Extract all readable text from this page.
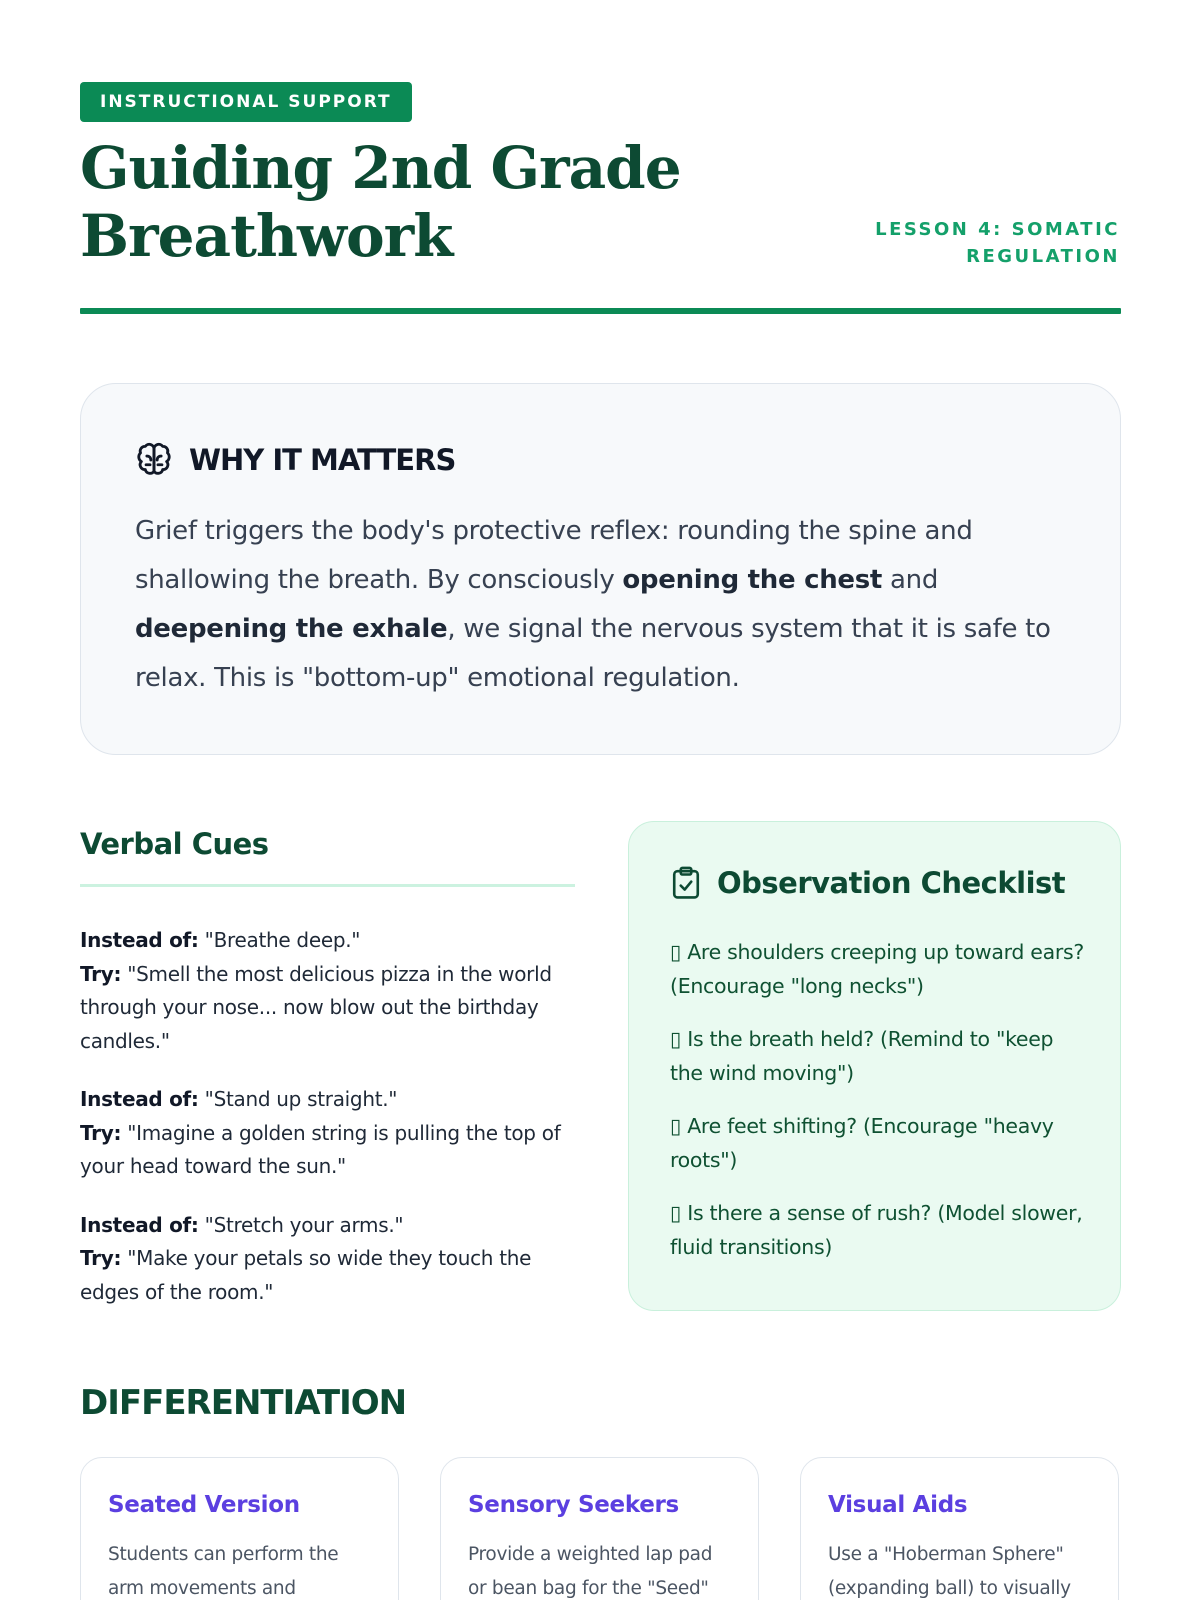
INSTRUCTIONAL SUPPORT
Guiding 2nd Grade Breathwork	LESSON 4: SOMATIC REGULATION
WHY IT MATTERS

Grief triggers the body's protective reflex: rounding the spine and shallowing the breath. By consciously opening the chest and deepening the exhale, we signal the nervous system that it is safe to relax. This is "bottom-up" emotional regulation.

Verbal Cues

Instead of: "Breathe deep."
Try: "Smell the most delicious pizza in the world through your nose... now blow out the birthday candles."

Instead of: "Stand up straight."
Try: "Imagine a golden string is pulling the top of your head toward the sun."

Instead of: "Stretch your arms."
Try: "Make your petals so wide they touch the edges of the room."

Observation Checklist
▯ Are shoulders creeping up toward ears? (Encourage "long necks")
▯ Is the breath held? (Remind to "keep the wind moving")
▯ Are feet shifting? (Encourage "heavy roots")
▯ Is there a sense of rush? (Model slower, fluid transitions)
DIFFERENTIATION
Seated Version

Students can perform the arm movements and

Sensory Seekers

Provide a weighted lap pad or bean bag for the "Seed"

Visual Aids

Use a "Hoberman Sphere" (expanding ball) to visually
